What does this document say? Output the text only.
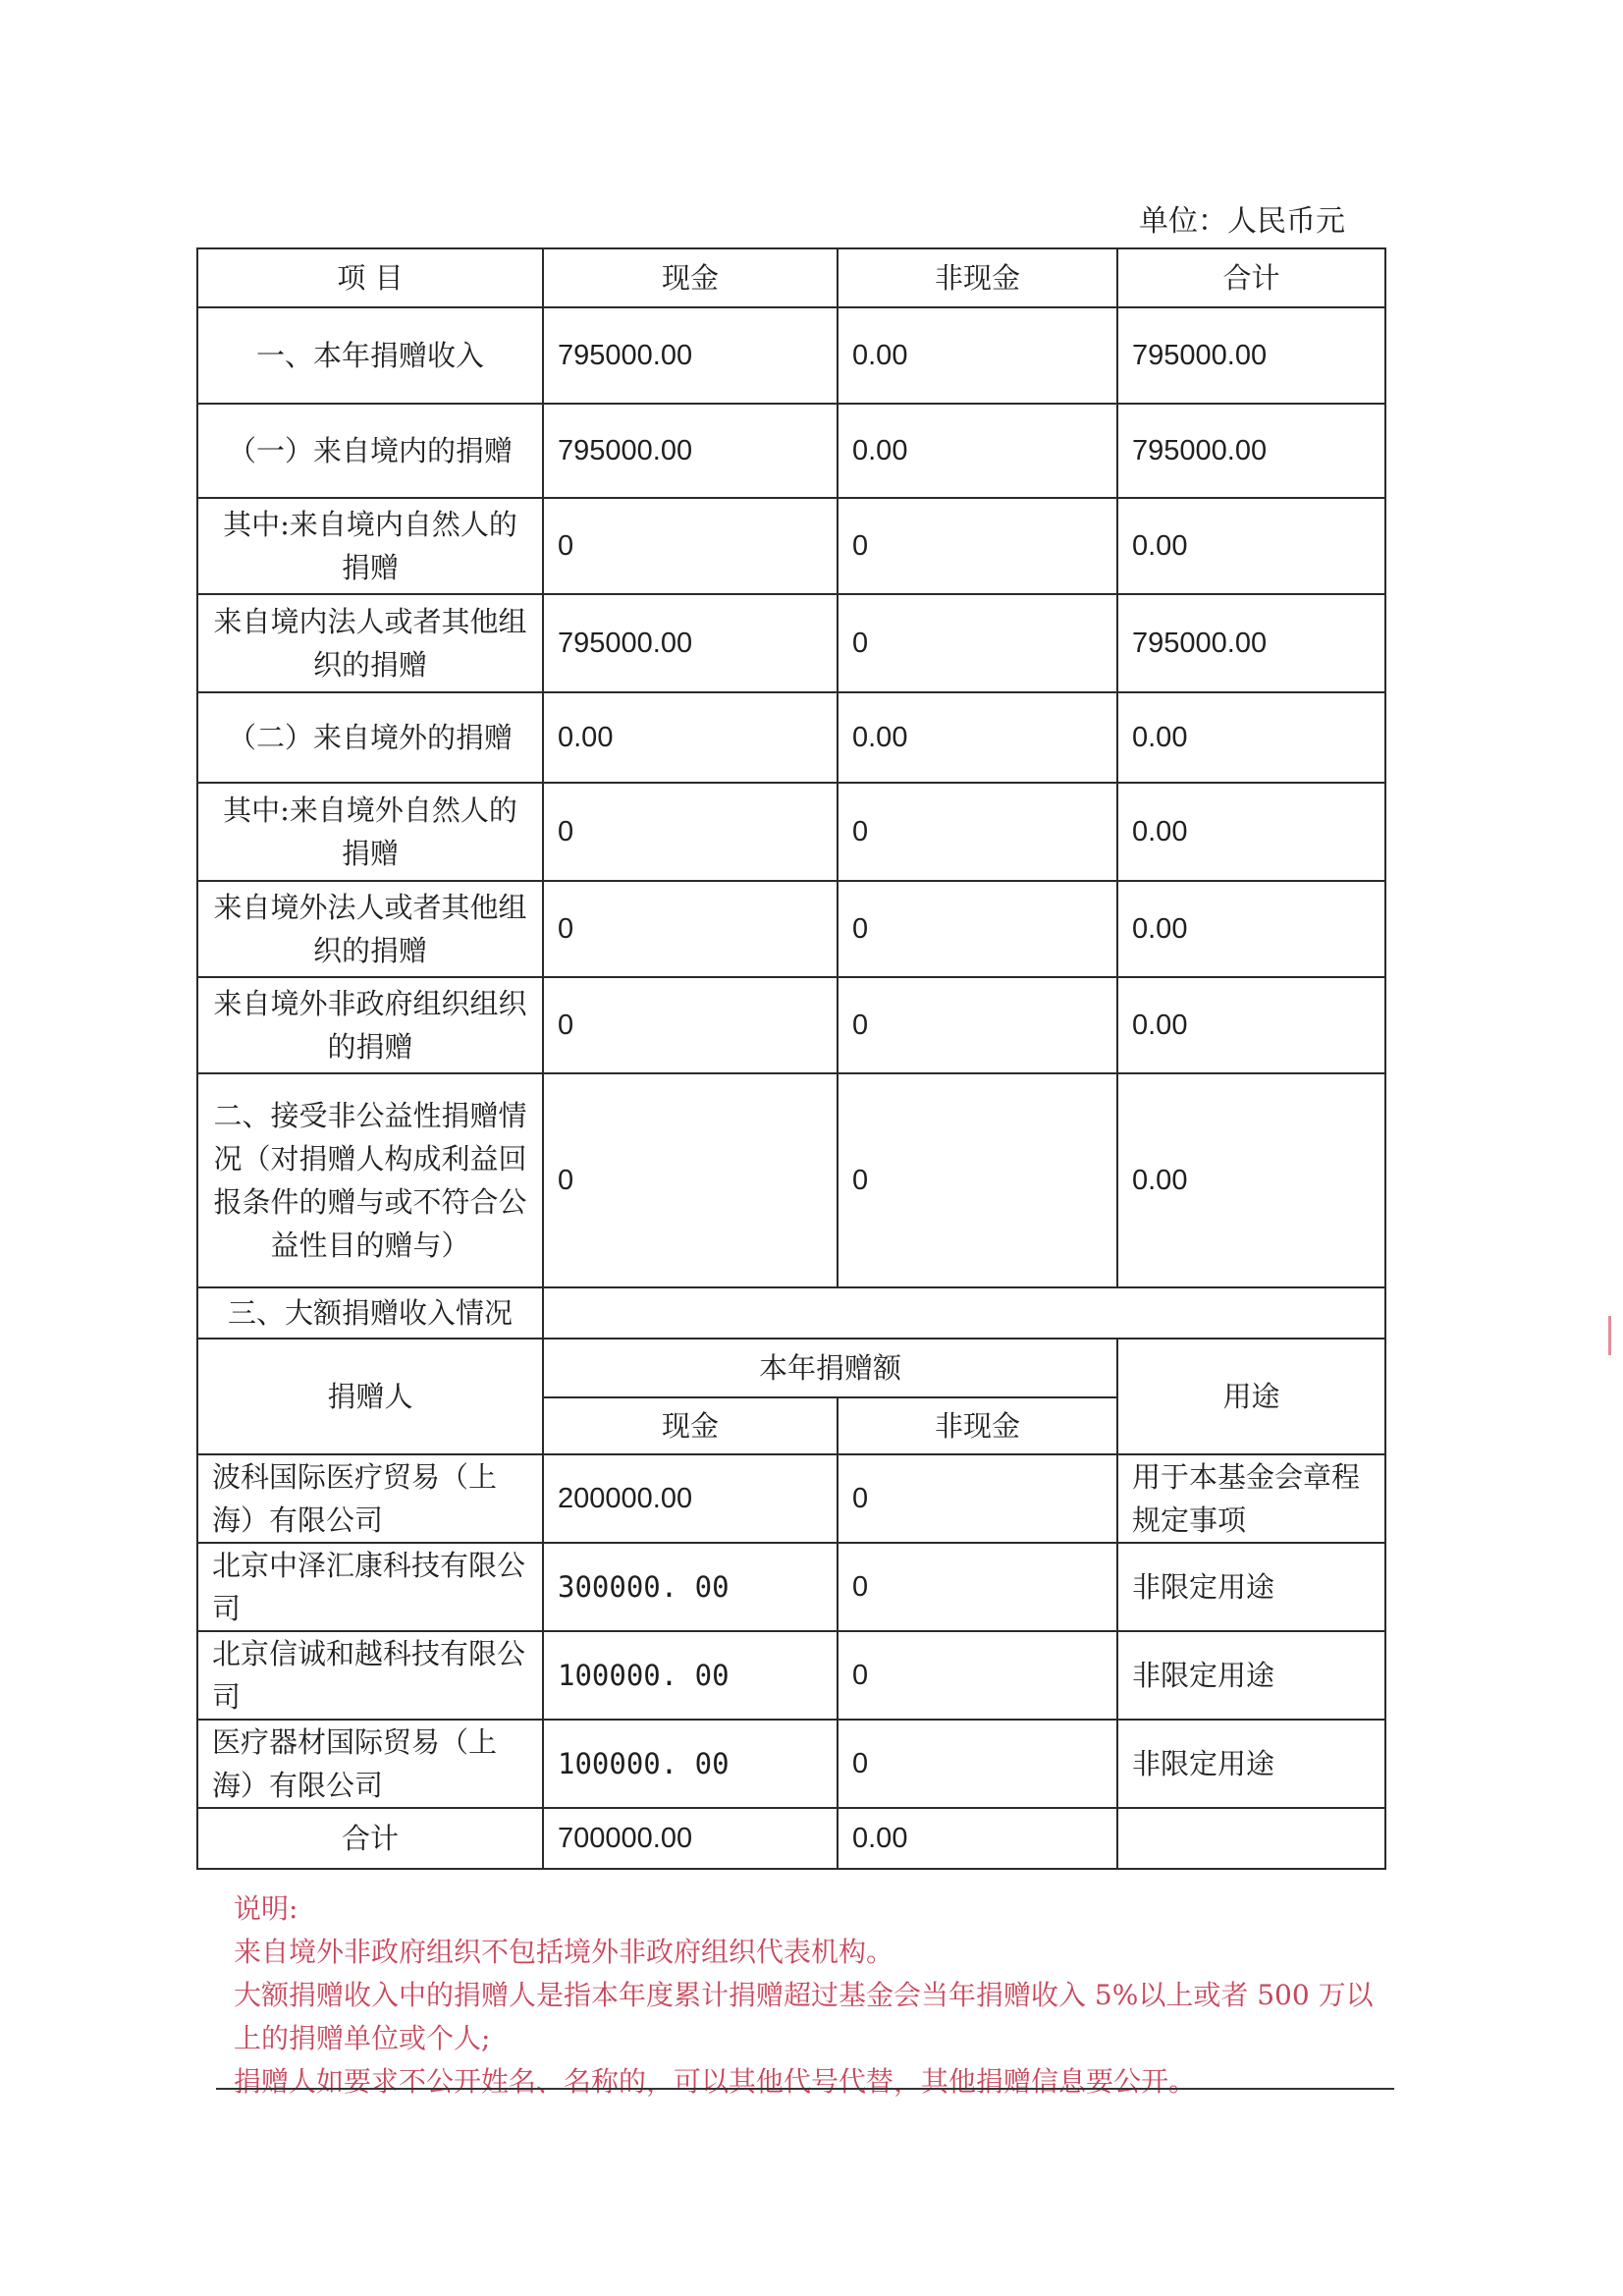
单位：人民币元
项 目	现金	非现金	合计
一、本年捐赠收入	795000.00	0.00	795000.00
（一）来自境内的捐赠	795000.00	0.00	795000.00
其中:来自境内自然人的捐赠	0	0	0.00
来自境内法人或者其他组织的捐赠	795000.00	0	795000.00
（二）来自境外的捐赠	0.00	0.00	0.00
其中:来自境外自然人的捐赠	0	0	0.00
来自境外法人或者其他组织的捐赠	0	0	0.00
来自境外非政府组织组织的捐赠	0	0	0.00
二、接受非公益性捐赠情况（对捐赠人构成利益回报条件的赠与或不符合公益性目的赠与）	0	0	0.00
三、大额捐赠收入情况			
捐赠人	本年捐赠额		用途
	现金	非现金	
波科国际医疗贸易（上海）有限公司	200000.00	0	用于本基金会章程规定事项
北京中泽汇康科技有限公司	300000. 00	0	非限定用途
北京信诚和越科技有限公司	100000. 00	0	非限定用途
医疗器材国际贸易（上海）有限公司	100000. 00	0	非限定用途
合计	700000.00	0.00	

说明:

来自境外非政府组织不包括境外非政府组织代表机构。

大额捐赠收入中的捐赠人是指本年度累计捐赠超过基金会当年捐赠收入 5%以上或者 500 万以上的捐赠单位或个人;

捐赠人如要求不公开姓名、名称的，可以其他代号代替，其他捐赠信息要公开。
